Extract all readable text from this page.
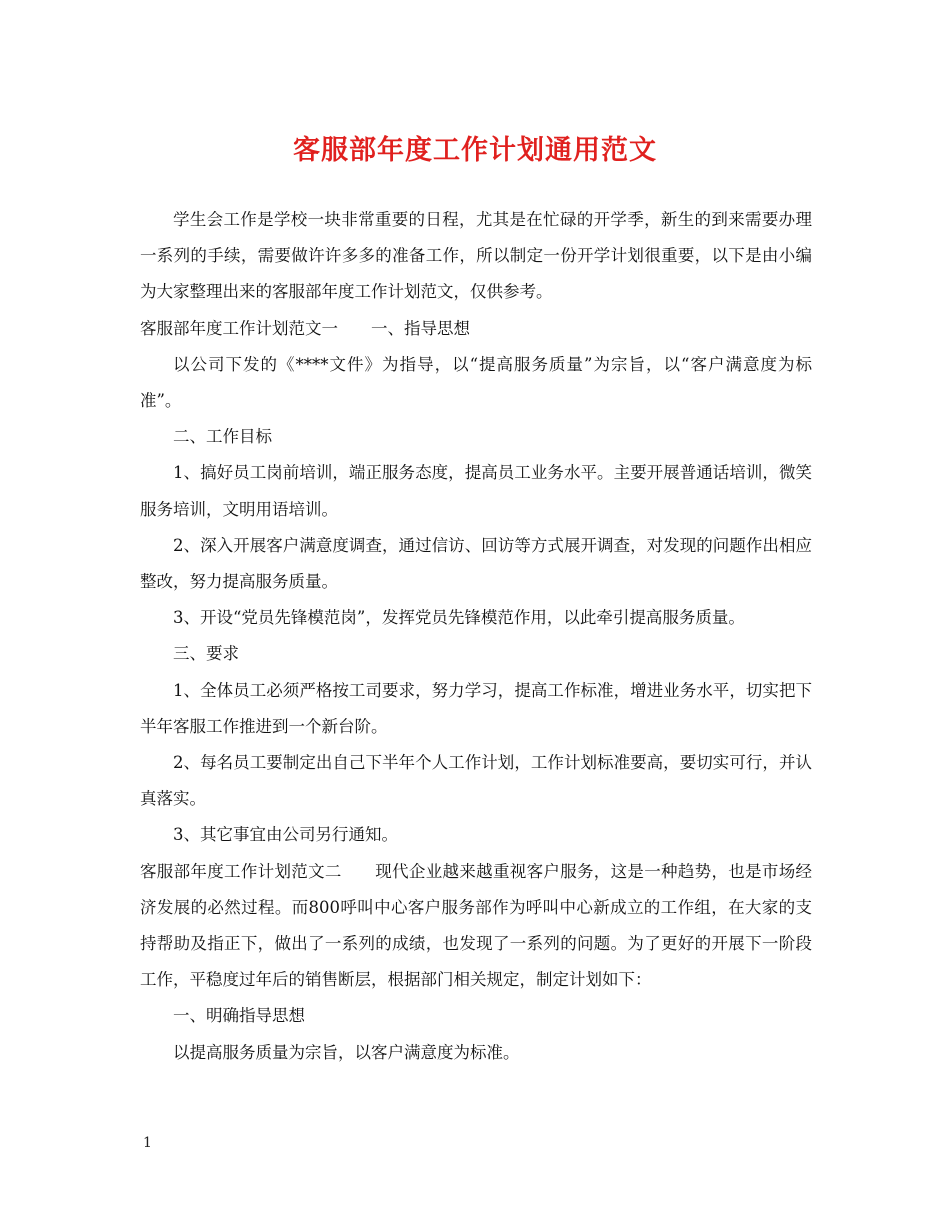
客服部年度工作计划通用范文

学生会工作是学校一块非常重要的日程，尤其是在忙碌的开学季，新生的到来需要办理一系列的手续，需要做许许多多的准备工作，所以制定一份开学计划很重要，以下是由小编为大家整理出来的客服部年度工作计划范文，仅供参考。

客服部年度工作计划范文一　　一、指导思想

以公司下发的《****文件》为指导，以“提高服务质量”为宗旨，以“客户满意度为标准”。

二、工作目标

1、搞好员工岗前培训，端正服务态度，提高员工业务水平。主要开展普通话培训，微笑服务培训，文明用语培训。

2、深入开展客户满意度调查，通过信访、回访等方式展开调查，对发现的问题作出相应整改，努力提高服务质量。

3、开设“党员先锋模范岗”，发挥党员先锋模范作用，以此牵引提高服务质量。

三、要求

1、全体员工必须严格按工司要求，努力学习，提高工作标准，增进业务水平，切实把下半年客服工作推进到一个新台阶。

2、每名员工要制定出自己下半年个人工作计划，工作计划标准要高，要切实可行，并认真落实。

3、其它事宜由公司另行通知。

客服部年度工作计划范文二　　现代企业越来越重视客户服务，这是一种趋势，也是市场经济发展的必然过程。而800呼叫中心客户服务部作为呼叫中心新成立的工作组，在大家的支持帮助及指正下，做出了一系列的成绩，也发现了一系列的问题。为了更好的开展下一阶段工作，平稳度过年后的销售断层，根据部门相关规定，制定计划如下：

一、明确指导思想

以提高服务质量为宗旨，以客户满意度为标准。

1
